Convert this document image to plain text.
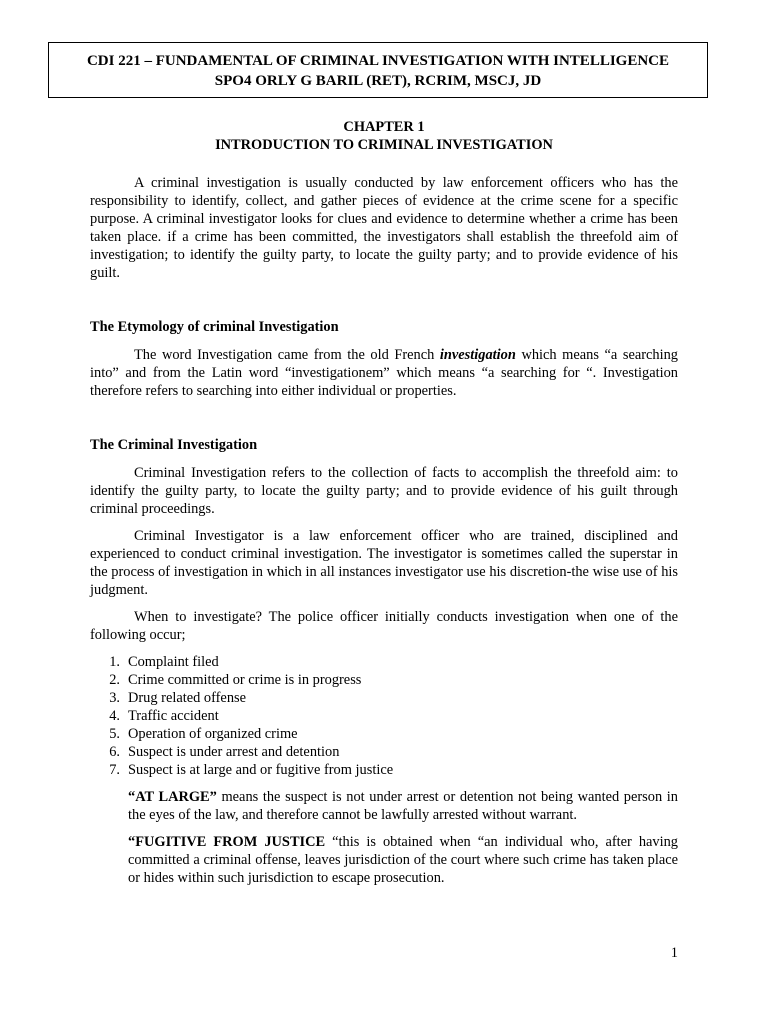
CDI 221 – FUNDAMENTAL OF CRIMINAL INVESTIGATION WITH INTELLIGENCE
SPO4 ORLY G BARIL (RET), RCRIM, MSCJ, JD
CHAPTER 1
INTRODUCTION TO CRIMINAL INVESTIGATION

A criminal investigation is usually conducted by law enforcement officers who has the responsibility to identify, collect, and gather pieces of evidence at the crime scene for a specific purpose. A criminal investigator looks for clues and evidence to determine whether a crime has been taken place. if a crime has been committed, the investigators shall establish the threefold aim of investigation; to identify the guilty party, to locate the guilty party; and to provide evidence of his guilt.

The Etymology of criminal Investigation

The word Investigation came from the old French investigation which means “a searching into” and from the Latin word “investigationem” which means “a searching for “. Investigation therefore refers to searching into either individual or properties.

The Criminal Investigation

Criminal Investigation refers to the collection of facts to accomplish the threefold aim: to identify the guilty party, to locate the guilty party; and to provide evidence of his guilt through criminal proceedings.

Criminal Investigator is a law enforcement officer who are trained, disciplined and experienced to conduct criminal investigation. The investigator is sometimes called the superstar in the process of investigation in which in all instances investigator use his discretion-the wise use of his judgment.

When to investigate? The police officer initially conducts investigation when one of the following occur;

1. Complaint filed
2. Crime committed or crime is in progress
3. Drug related offense
4. Traffic accident
5. Operation of organized crime
6. Suspect is under arrest and detention
7. Suspect is at large and or fugitive from justice

“AT LARGE” means the suspect is not under arrest or detention not being wanted person in the eyes of the law, and therefore cannot be lawfully arrested without warrant.

“FUGITIVE FROM JUSTICE “this is obtained when “an individual who, after having committed a criminal offense, leaves jurisdiction of the court where such crime has taken place or hides within such jurisdiction to escape prosecution.

1
